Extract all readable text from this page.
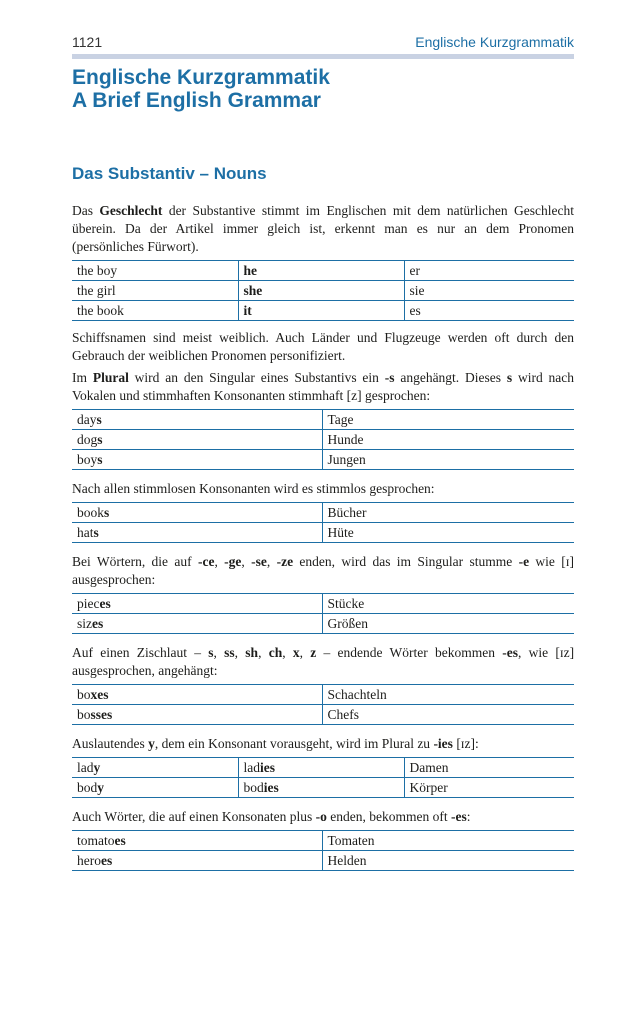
1121	Englische Kurzgrammatik
Englische Kurzgrammatik
A Brief English Grammar
Das Substantiv – Nouns

Das Geschlecht der Substantive stimmt im Englischen mit dem natürlichen Geschlecht überein. Da der Artikel immer gleich ist, erkennt man es nur an dem Pronomen (persönliches Fürwort).

the boy	he	er
the girl	she	sie
the book	it	es

Schiffsnamen sind meist weiblich. Auch Länder und Flugzeuge werden oft durch den Gebrauch der weiblichen Pronomen personifiziert.

Im Plural wird an den Singular eines Substantivs ein -s angehängt. Dieses s wird nach Vokalen und stimmhaften Konsonanten stimmhaft [z] gesprochen:

days	Tage
dogs	Hunde
boys	Jungen

Nach allen stimmlosen Konsonanten wird es stimmlos gesprochen:

books	Bücher
hats	Hüte

Bei Wörtern, die auf -ce, -ge, -se, -ze enden, wird das im Singular stumme -e wie [ɪ] ausgesprochen:

pieces	Stücke
sizes	Größen

Auf einen Zischlaut – s, ss, sh, ch, x, z – endende Wörter bekommen -es, wie [ɪz] ausgesprochen, angehängt:

boxes	Schachteln
bosses	Chefs

Auslautendes y, dem ein Konsonant vorausgeht, wird im Plural zu -ies [ɪz]:

lady	ladies	Damen
body	bodies	Körper

Auch Wörter, die auf einen Konsonaten plus -o enden, bekommen oft -es:

tomatoes	Tomaten
heroes	Helden
